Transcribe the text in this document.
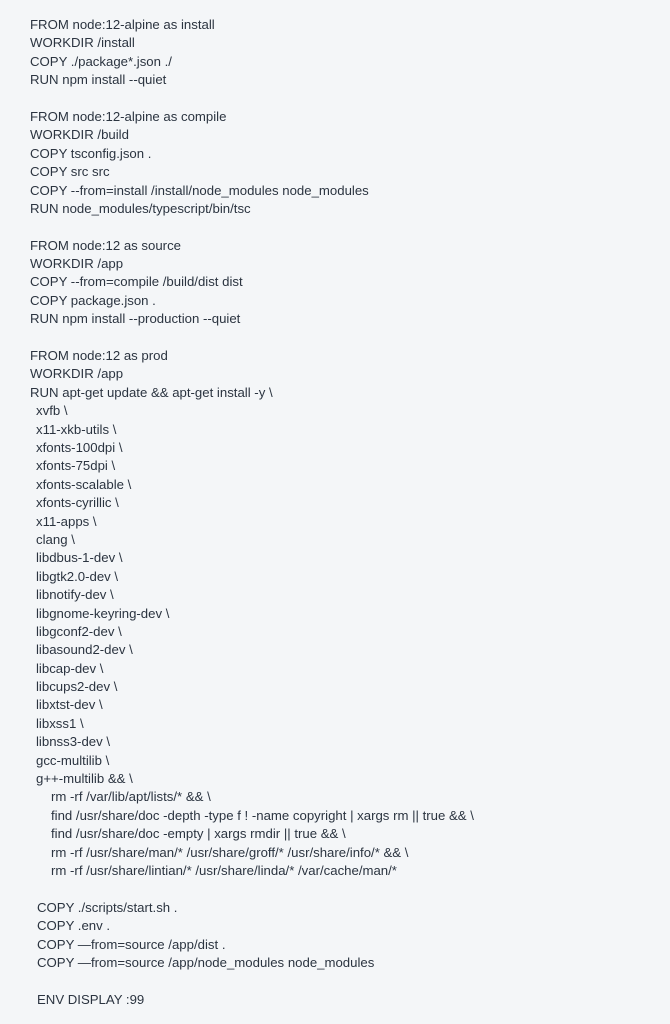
FROM node:12-alpine as install
WORKDIR /install
COPY ./package*.json ./
RUN npm install --quiet
FROM node:12-alpine as compile
WORKDIR /build
COPY tsconfig.json .
COPY src src
COPY --from=install /install/node_modules node_modules
RUN node_modules/typescript/bin/tsc
FROM node:12 as source
WORKDIR /app
COPY --from=compile /build/dist dist
COPY package.json .
RUN npm install --production --quiet
FROM node:12 as prod
WORKDIR /app
RUN apt-get update && apt-get install -y \
xvfb \
x11-xkb-utils \
xfonts-100dpi \
xfonts-75dpi \
xfonts-scalable \
xfonts-cyrillic \
x11-apps \
clang \
libdbus-1-dev \
libgtk2.0-dev \
libnotify-dev \
libgnome-keyring-dev \
libgconf2-dev \
libasound2-dev \
libcap-dev \
libcups2-dev \
libxtst-dev \
libxss1 \
libnss3-dev \
gcc-multilib \
g++-multilib && \
rm -rf /var/lib/apt/lists/* && \
find /usr/share/doc -depth -type f ! -name copyright | xargs rm || true && \
find /usr/share/doc -empty | xargs rmdir || true && \
rm -rf /usr/share/man/* /usr/share/groff/* /usr/share/info/* && \
rm -rf /usr/share/lintian/* /usr/share/linda/* /var/cache/man/*
COPY ./scripts/start.sh .
COPY .env .
COPY —from=source /app/dist .
COPY —from=source /app/node_modules node_modules
ENV DISPLAY :99
